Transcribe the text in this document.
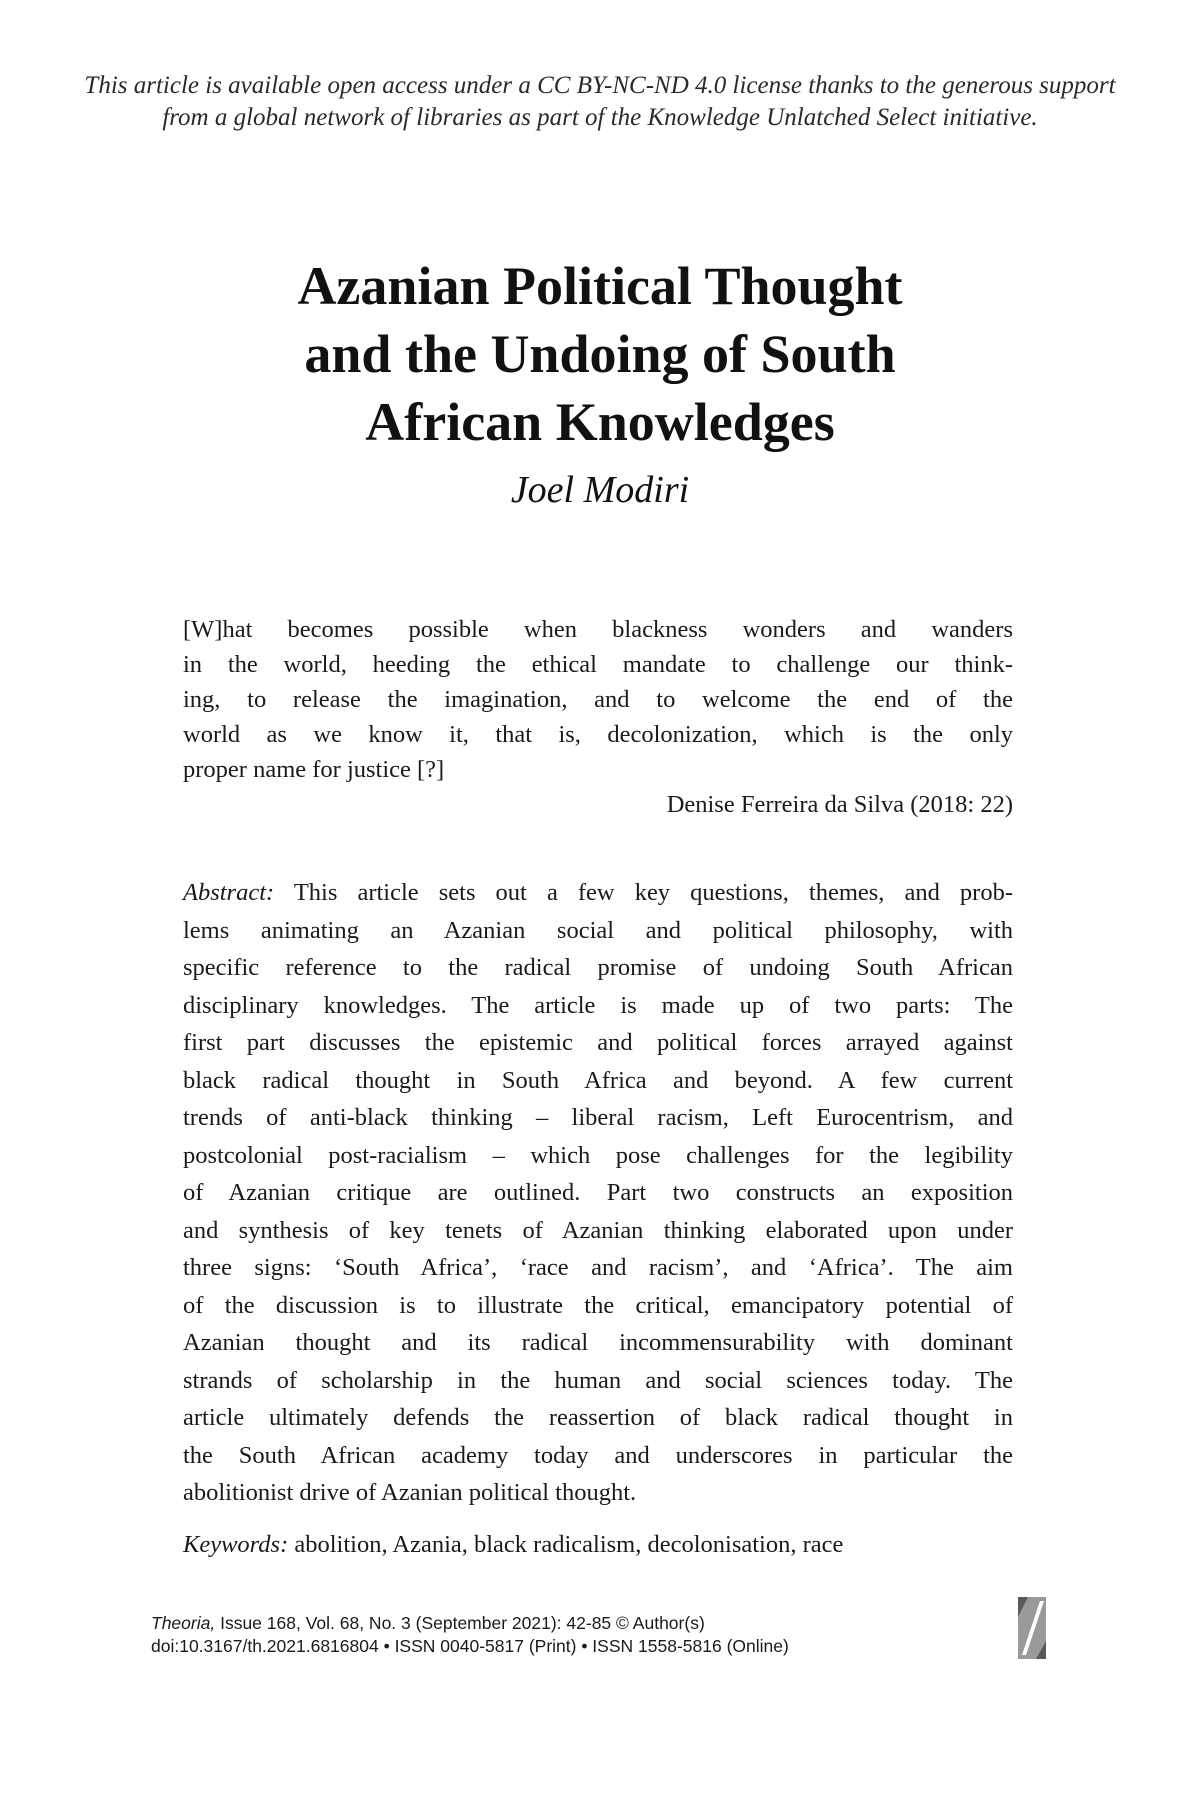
This article is available open access under a CC BY-NC-ND 4.0 license thanks to the generous support
from a global network of libraries as part of the Knowledge Unlatched Select initiative.
Azanian Political Thought
and the Undoing of South
African Knowledges
Joel Modiri
[W]hat becomes possible when blackness wonders and wanders
in the world, heeding the ethical mandate to challenge our think-
ing, to release the imagination, and to welcome the end of the
world as we know it, that is, decolonization, which is the only
proper name for justice [?]
Denise Ferreira da Silva (2018: 22)
Abstract: This article sets out a few key questions, themes, and prob-
lems animating an Azanian social and political philosophy, with
specific reference to the radical promise of undoing South African
disciplinary knowledges. The article is made up of two parts: The
first part discusses the epistemic and political forces arrayed against
black radical thought in South Africa and beyond. A few current
trends of anti-black thinking – liberal racism, Left Eurocentrism, and
postcolonial post-racialism – which pose challenges for the legibility
of Azanian critique are outlined. Part two constructs an exposition
and synthesis of key tenets of Azanian thinking elaborated upon under
three signs: ‘South Africa’, ‘race and racism’, and ‘Africa’. The aim
of the discussion is to illustrate the critical, emancipatory potential of
Azanian thought and its radical incommensurability with dominant
strands of scholarship in the human and social sciences today. The
article ultimately defends the reassertion of black radical thought in
the South African academy today and underscores in particular the
abolitionist drive of Azanian political thought.
Keywords: abolition, Azania, black radicalism, decolonisation, race
Theoria, Issue 168, Vol. 68, No. 3 (September 2021): 42-85 © Author(s)
doi:10.3167/th.2021.6816804 • ISSN 0040-5817 (Print) • ISSN 1558-5816 (Online)
